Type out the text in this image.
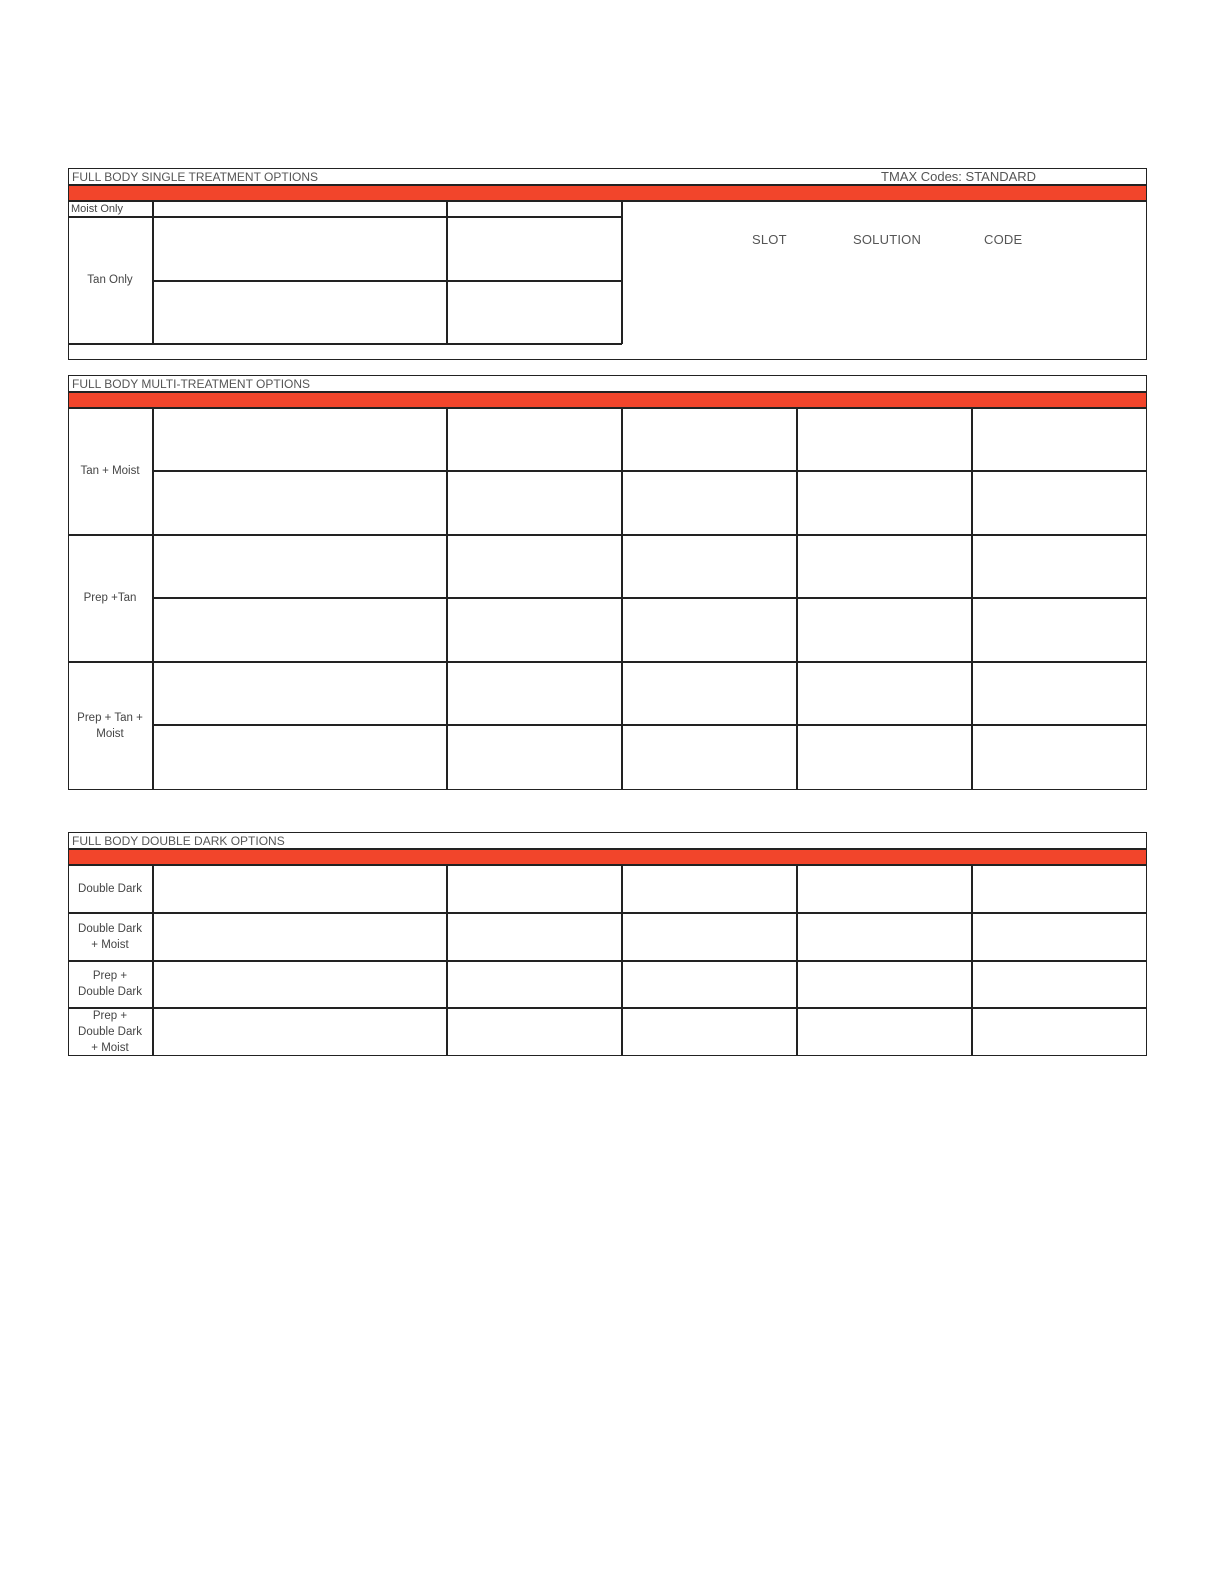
FULL BODY SINGLE TREATMENT OPTIONS	TMAX Codes: STANDARD
Moist Only
Tan Only
SLOT	SOLUTION	CODE
FULL BODY MULTI-TREATMENT OPTIONS
Tan + Moist
Prep +Tan
Prep + Tan + Moist
FULL BODY DOUBLE DARK OPTIONS
Double Dark
Double Dark + Moist
Prep + Double Dark
Prep + Double Dark + Moist
